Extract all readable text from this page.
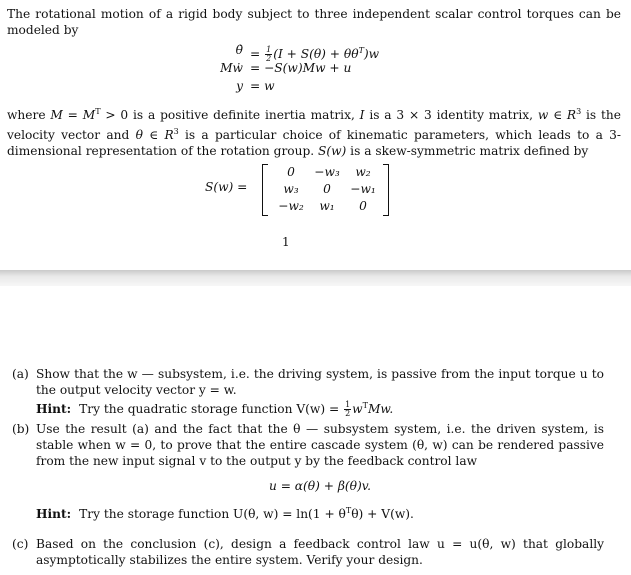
The rotational motion of a rigid body subject to three independent scalar control torques can be modeled by

θ̇ = $\frac{1}{2} (I + S(\theta) + \theta\theta^T)w$
Mẇ = −S(w)Mw + u
y = w

where $M = M^T > 0$ is a positive definite inertia matrix, I is a 3 × 3 identity matrix, w ∈ $R^3$ is the velocity vector and θ ∈ $R^3$ is a particular choice of kinematic parameters, which leads to a 3-dimensional representation of the rotation group. S(w) is a skew-symmetric matrix defined by

S(w) =
0	−w₃	w₂
w₃	0	−w₁
−w₂	w₁	0
1
(a) Show that the w — subsystem, i.e. the driving system, is passive from the input torque u to the output velocity vector y = w.
Hint: Try the quadratic storage function $V(w) = \frac{1}{2} w^TMw$.
(b) Use the result (a) and the fact that the θ — subsystem system, i.e. the driven system, is stable when w = 0, to prove that the entire cascade system (θ, w) can be rendered passive from the new input signal v to the output y by the feedback control law
u = α(θ) + β(θ)v.
Hint: Try the storage function U(θ, $w) = \ln(1 + \theta^T\theta) + V(w)$.
(c) Based on the conclusion (c), design a feedback control law u = u(θ, w) that globally asymptotically stabilizes the entire system. Verify your design.
